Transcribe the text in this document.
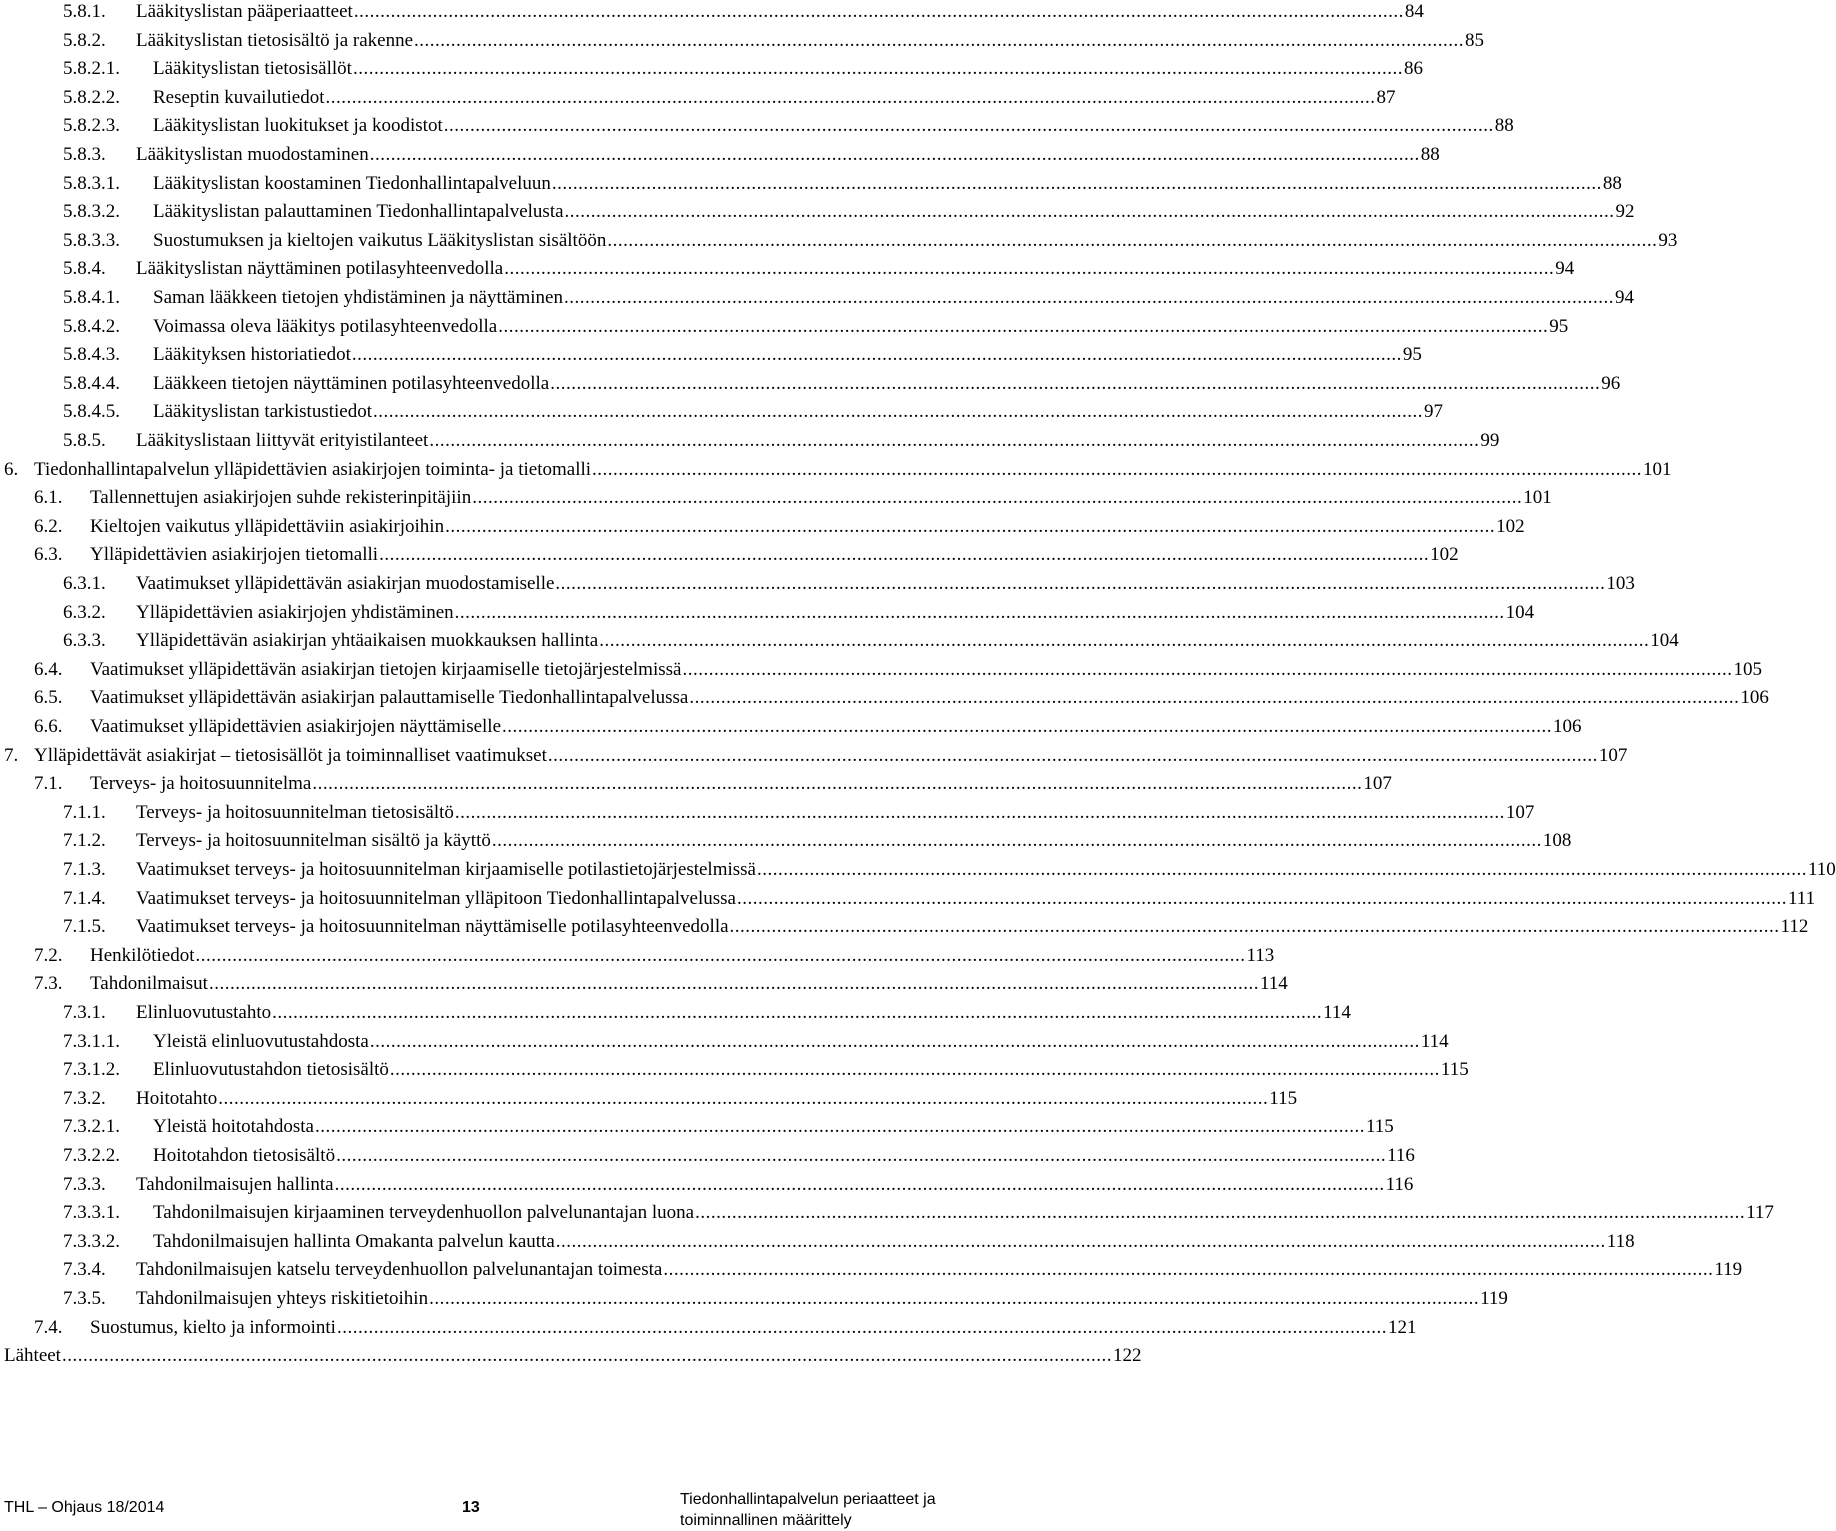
5.8.1. Lääkityslistan pääperiaatteet ........................................................................................................................................................................................................ 84
5.8.2. Lääkityslistan tietosisältö ja rakenne ........................................................................................................................................................................................................ 85
5.8.2.1. Lääkityslistan tietosisällöt ........................................................................................................................................................................................................ 86
5.8.2.2. Reseptin kuvailutiedot ........................................................................................................................................................................................................ 87
5.8.2.3. Lääkityslistan luokitukset ja koodistot ........................................................................................................................................................................................................ 88
5.8.3. Lääkityslistan muodostaminen ........................................................................................................................................................................................................ 88
5.8.3.1. Lääkityslistan koostaminen Tiedonhallintapalveluun ........................................................................................................................................................................................................ 88
5.8.3.2. Lääkityslistan palauttaminen Tiedonhallintapalvelusta ........................................................................................................................................................................................................ 92
5.8.3.3. Suostumuksen ja kieltojen vaikutus Lääkityslistan sisältöön ........................................................................................................................................................................................................ 93
5.8.4. Lääkityslistan näyttäminen potilasyhteenvedolla ........................................................................................................................................................................................................ 94
5.8.4.1. Saman lääkkeen tietojen yhdistäminen ja näyttäminen ........................................................................................................................................................................................................ 94
5.8.4.2. Voimassa oleva lääkitys potilasyhteenvedolla ........................................................................................................................................................................................................ 95
5.8.4.3. Lääkityksen historiatiedot ........................................................................................................................................................................................................ 95
5.8.4.4. Lääkkeen tietojen näyttäminen potilasyhteenvedolla ........................................................................................................................................................................................................ 96
5.8.4.5. Lääkityslistan tarkistustiedot ........................................................................................................................................................................................................ 97
5.8.5. Lääkityslistaan liittyvät erityistilanteet ........................................................................................................................................................................................................ 99
6. Tiedonhallintapalvelun ylläpidettävien asiakirjojen toiminta- ja tietomalli ........................................................................................................................................................................................................ 101
6.1. Tallennettujen asiakirjojen suhde rekisterinpitäjiin ........................................................................................................................................................................................................ 101
6.2. Kieltojen vaikutus ylläpidettäviin asiakirjoihin ........................................................................................................................................................................................................ 102
6.3. Ylläpidettävien asiakirjojen tietomalli ........................................................................................................................................................................................................ 102
6.3.1. Vaatimukset ylläpidettävän asiakirjan muodostamiselle ........................................................................................................................................................................................................ 103
6.3.2. Ylläpidettävien asiakirjojen yhdistäminen ........................................................................................................................................................................................................ 104
6.3.3. Ylläpidettävän asiakirjan yhtäaikaisen muokkauksen hallinta ........................................................................................................................................................................................................ 104
6.4. Vaatimukset ylläpidettävän asiakirjan tietojen kirjaamiselle tietojärjestelmissä ........................................................................................................................................................................................................ 105
6.5. Vaatimukset ylläpidettävän asiakirjan palauttamiselle Tiedonhallintapalvelussa ........................................................................................................................................................................................................ 106
6.6. Vaatimukset ylläpidettävien asiakirjojen näyttämiselle ........................................................................................................................................................................................................ 106
7. Ylläpidettävät asiakirjat – tietosisällöt ja toiminnalliset vaatimukset ........................................................................................................................................................................................................ 107
7.1. Terveys- ja hoitosuunnitelma ........................................................................................................................................................................................................ 107
7.1.1. Terveys- ja hoitosuunnitelman tietosisältö ........................................................................................................................................................................................................ 107
7.1.2. Terveys- ja hoitosuunnitelman sisältö ja käyttö ........................................................................................................................................................................................................ 108
7.1.3. Vaatimukset terveys- ja hoitosuunnitelman kirjaamiselle potilastietojärjestelmissä ........................................................................................................................................................................................................ 110
7.1.4. Vaatimukset terveys- ja hoitosuunnitelman ylläpitoon Tiedonhallintapalvelussa ........................................................................................................................................................................................................ 111
7.1.5. Vaatimukset terveys- ja hoitosuunnitelman näyttämiselle potilasyhteenvedolla ........................................................................................................................................................................................................ 112
7.2. Henkilötiedot ........................................................................................................................................................................................................ 113
7.3. Tahdonilmaisut ........................................................................................................................................................................................................ 114
7.3.1. Elinluovutustahto ........................................................................................................................................................................................................ 114
7.3.1.1. Yleistä elinluovutustahdosta ........................................................................................................................................................................................................ 114
7.3.1.2. Elinluovutustahdon tietosisältö ........................................................................................................................................................................................................ 115
7.3.2. Hoitotahto ........................................................................................................................................................................................................ 115
7.3.2.1. Yleistä hoitotahdosta ........................................................................................................................................................................................................ 115
7.3.2.2. Hoitotahdon tietosisältö ........................................................................................................................................................................................................ 116
7.3.3. Tahdonilmaisujen hallinta ........................................................................................................................................................................................................ 116
7.3.3.1. Tahdonilmaisujen kirjaaminen terveydenhuollon palvelunantajan luona ........................................................................................................................................................................................................ 117
7.3.3.2. Tahdonilmaisujen hallinta Omakanta palvelun kautta ........................................................................................................................................................................................................ 118
7.3.4. Tahdonilmaisujen katselu terveydenhuollon palvelunantajan toimesta ........................................................................................................................................................................................................ 119
7.3.5. Tahdonilmaisujen yhteys riskitietoihin ........................................................................................................................................................................................................ 119
7.4. Suostumus, kielto ja informointi ........................................................................................................................................................................................................ 121
Lähteet ........................................................................................................................................................................................................ 122
THL – Ohjaus 18/2014	13	Tiedonhallintapalvelun periaatteet ja
toiminnallinen määrittely
